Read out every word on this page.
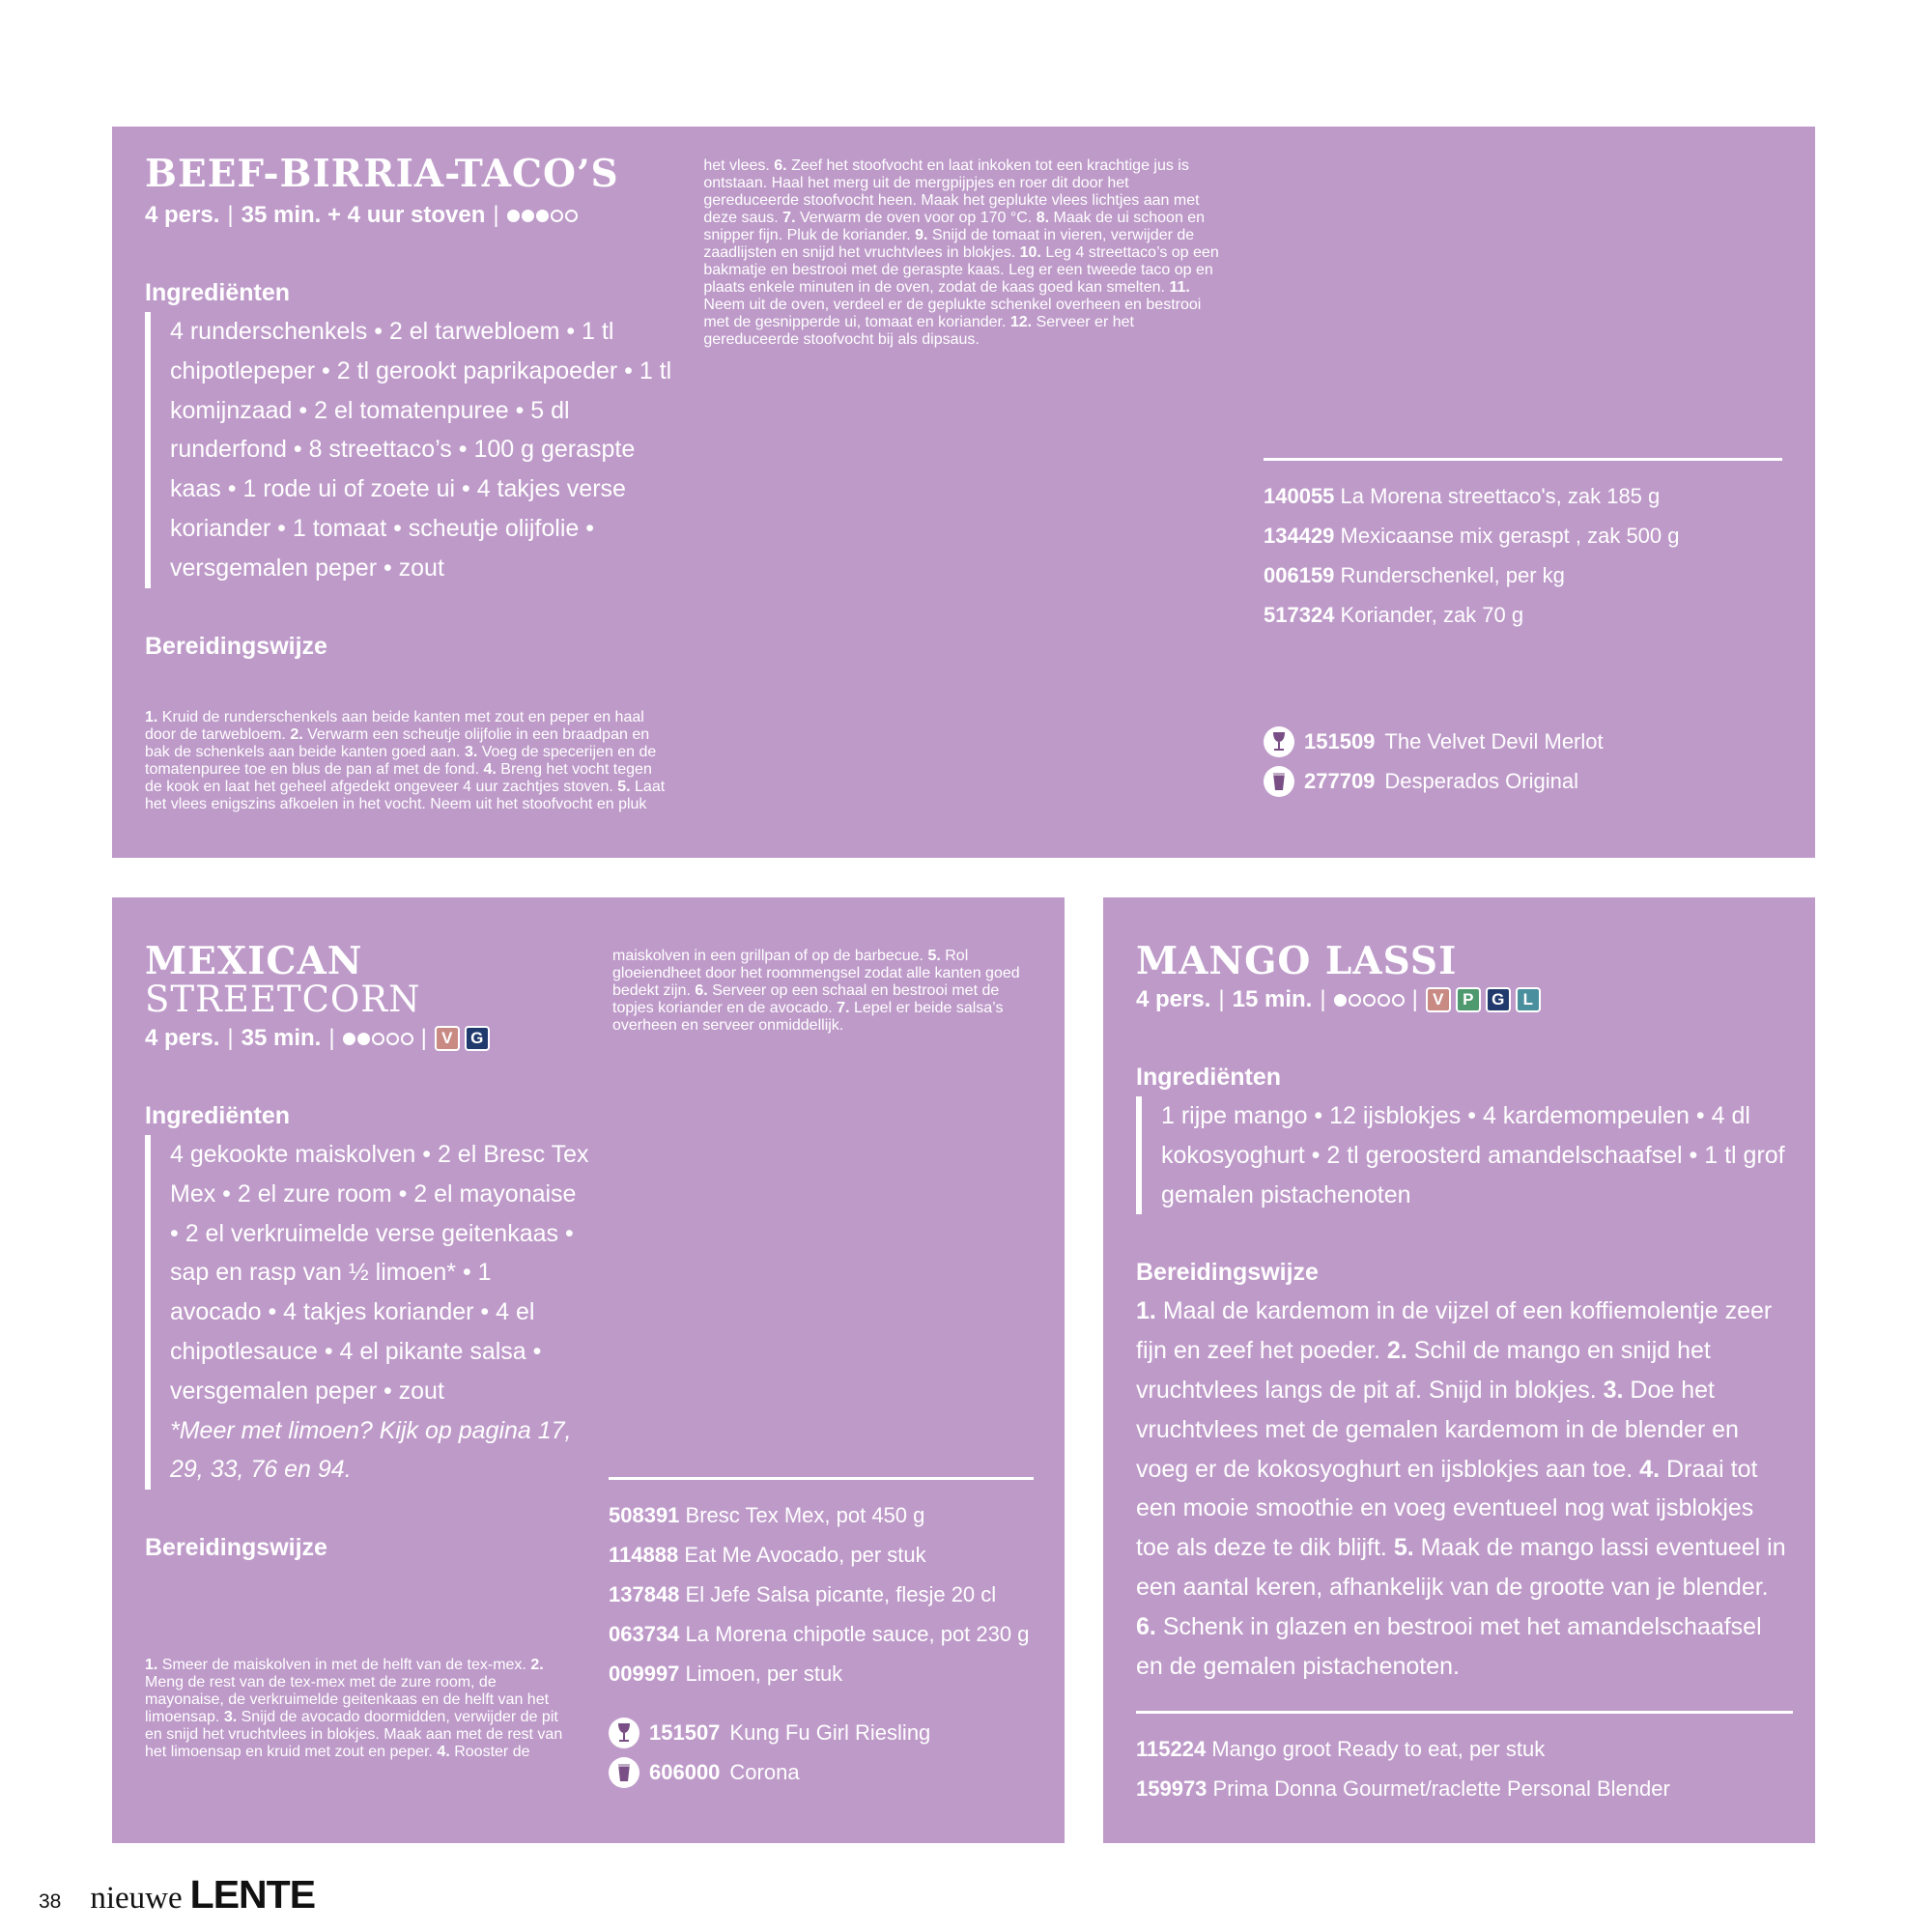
BEEF-BIRRIA-TACO’S
4 pers. | 35 min. + 4 uur stoven |
Ingrediënten
4 runderschenkels • 2 el tarwebloem • 1 tl chipotlepeper • 2 tl gerookt paprikapoeder • 1 tl komijnzaad • 2 el tomatenpuree • 5 dl runderfond • 8 streettaco’s • 100 g geraspte kaas • 1 rode ui of zoete ui • 4 takjes verse koriander • 1 tomaat • scheutje olijfolie • versgemalen peper • zout
Bereidingswijze
1. Kruid de runderschenkels aan beide kanten met zout en peper en haal door de tarwebloem. 2. Verwarm een scheutje olijfolie in een braadpan en bak de schenkels aan beide kanten goed aan. 3. Voeg de specerijen en de tomatenpuree toe en blus de pan af met de fond. 4. Breng het vocht tegen de kook en laat het geheel afgedekt ongeveer 4 uur zachtjes stoven. 5. Laat het vlees enigszins afkoelen in het vocht. Neem uit het stoofvocht en pluk het vlees. 6. Zeef het stoofvocht en laat inkoken tot een krachtige jus is ontstaan. Haal het merg uit de mergpijpjes en roer dit door het gereduceerde stoofvocht heen. Maak het geplukte vlees lichtjes aan met deze saus. 7. Verwarm de oven voor op 170 °C. 8. Maak de ui schoon en snipper fijn. Pluk de koriander. 9. Snijd de tomaat in vieren, verwijder de zaadlijsten en snijd het vruchtvlees in blokjes. 10. Leg 4 streettaco’s op een bakmatje en bestrooi met de geraspte kaas. Leg er een tweede taco op en plaats enkele minuten in de oven, zodat de kaas goed kan smelten. 11. Neem uit de oven, verdeel er de geplukte schenkel overheen en bestrooi met de gesnipperde ui, tomaat en koriander. 12. Serveer er het gereduceerde stoofvocht bij als dipsaus.
140055 La Morena streettaco's, zak 185 g
134429 Mexicaanse mix geraspt , zak 500 g
006159 Runderschenkel, per kg
517324 Koriander, zak 70 g
151509 The Velvet Devil Merlot
277709 Desperados Original
MEXICAN
STREETCORN
4 pers. | 35 min. |	| V	G
Ingrediënten
4 gekookte maiskolven • 2 el Bresc Tex Mex • 2 el zure room • 2 el mayonaise • 2 el verkruimelde verse geitenkaas • sap en rasp van ½ limoen* • 1 avocado • 4 takjes koriander • 4 el chipotlesauce • 4 el pikante salsa • versgemalen peper • zout
*Meer met limoen? Kijk op pagina 17, 29, 33, 76 en 94.
Bereidingswijze
1. Smeer de maiskolven in met de helft van de tex-mex. 2. Meng de rest van de tex-mex met de zure room, de mayonaise, de verkruimelde geitenkaas en de helft van het limoensap. 3. Snijd de avocado doormidden, verwijder de pit en snijd het vruchtvlees in blokjes. Maak aan met de rest van het limoensap en kruid met zout en peper. 4. Rooster de maiskolven in een grillpan of op de barbecue. 5. Rol gloeiendheet door het roommengsel zodat alle kanten goed bedekt zijn. 6. Serveer op een schaal en bestrooi met de topjes koriander en de avocado. 7. Lepel er beide salsa’s overheen en serveer onmiddellijk.
508391 Bresc Tex Mex, pot 450 g
114888 Eat Me Avocado, per stuk
137848 El Jefe Salsa picante, flesje 20 cl
063734 La Morena chipotle sauce, pot 230 g
009997 Limoen, per stuk
151507 Kung Fu Girl Riesling
606000 Corona
MANGO LASSI
4 pers. | 15 min. |	| V	P	G	L
Ingrediënten
1 rijpe mango • 12 ijsblokjes • 4 kardemompeulen • 4 dl kokosyoghurt • 2 tl geroosterd amandelschaafsel • 1 tl grof gemalen pistachenoten
Bereidingswijze
1. Maal de kardemom in de vijzel of een koffiemolentje zeer fijn en zeef het poeder. 2. Schil de mango en snijd het vruchtvlees langs de pit af. Snijd in blokjes. 3. Doe het vruchtvlees met de gemalen kardemom in de blender en voeg er de kokosyoghurt en ijsblokjes aan toe. 4. Draai tot een mooie smoothie en voeg eventueel nog wat ijsblokjes toe als deze te dik blijft. 5. Maak de mango lassi eventueel in een aantal keren, afhankelijk van de grootte van je blender. 6. Schenk in glazen en bestrooi met het amandelschaafsel en de gemalen pistachenoten.
115224 Mango groot Ready to eat, per stuk
159973 Prima Donna Gourmet/raclette Personal Blender
38 nieuwe LENTE
